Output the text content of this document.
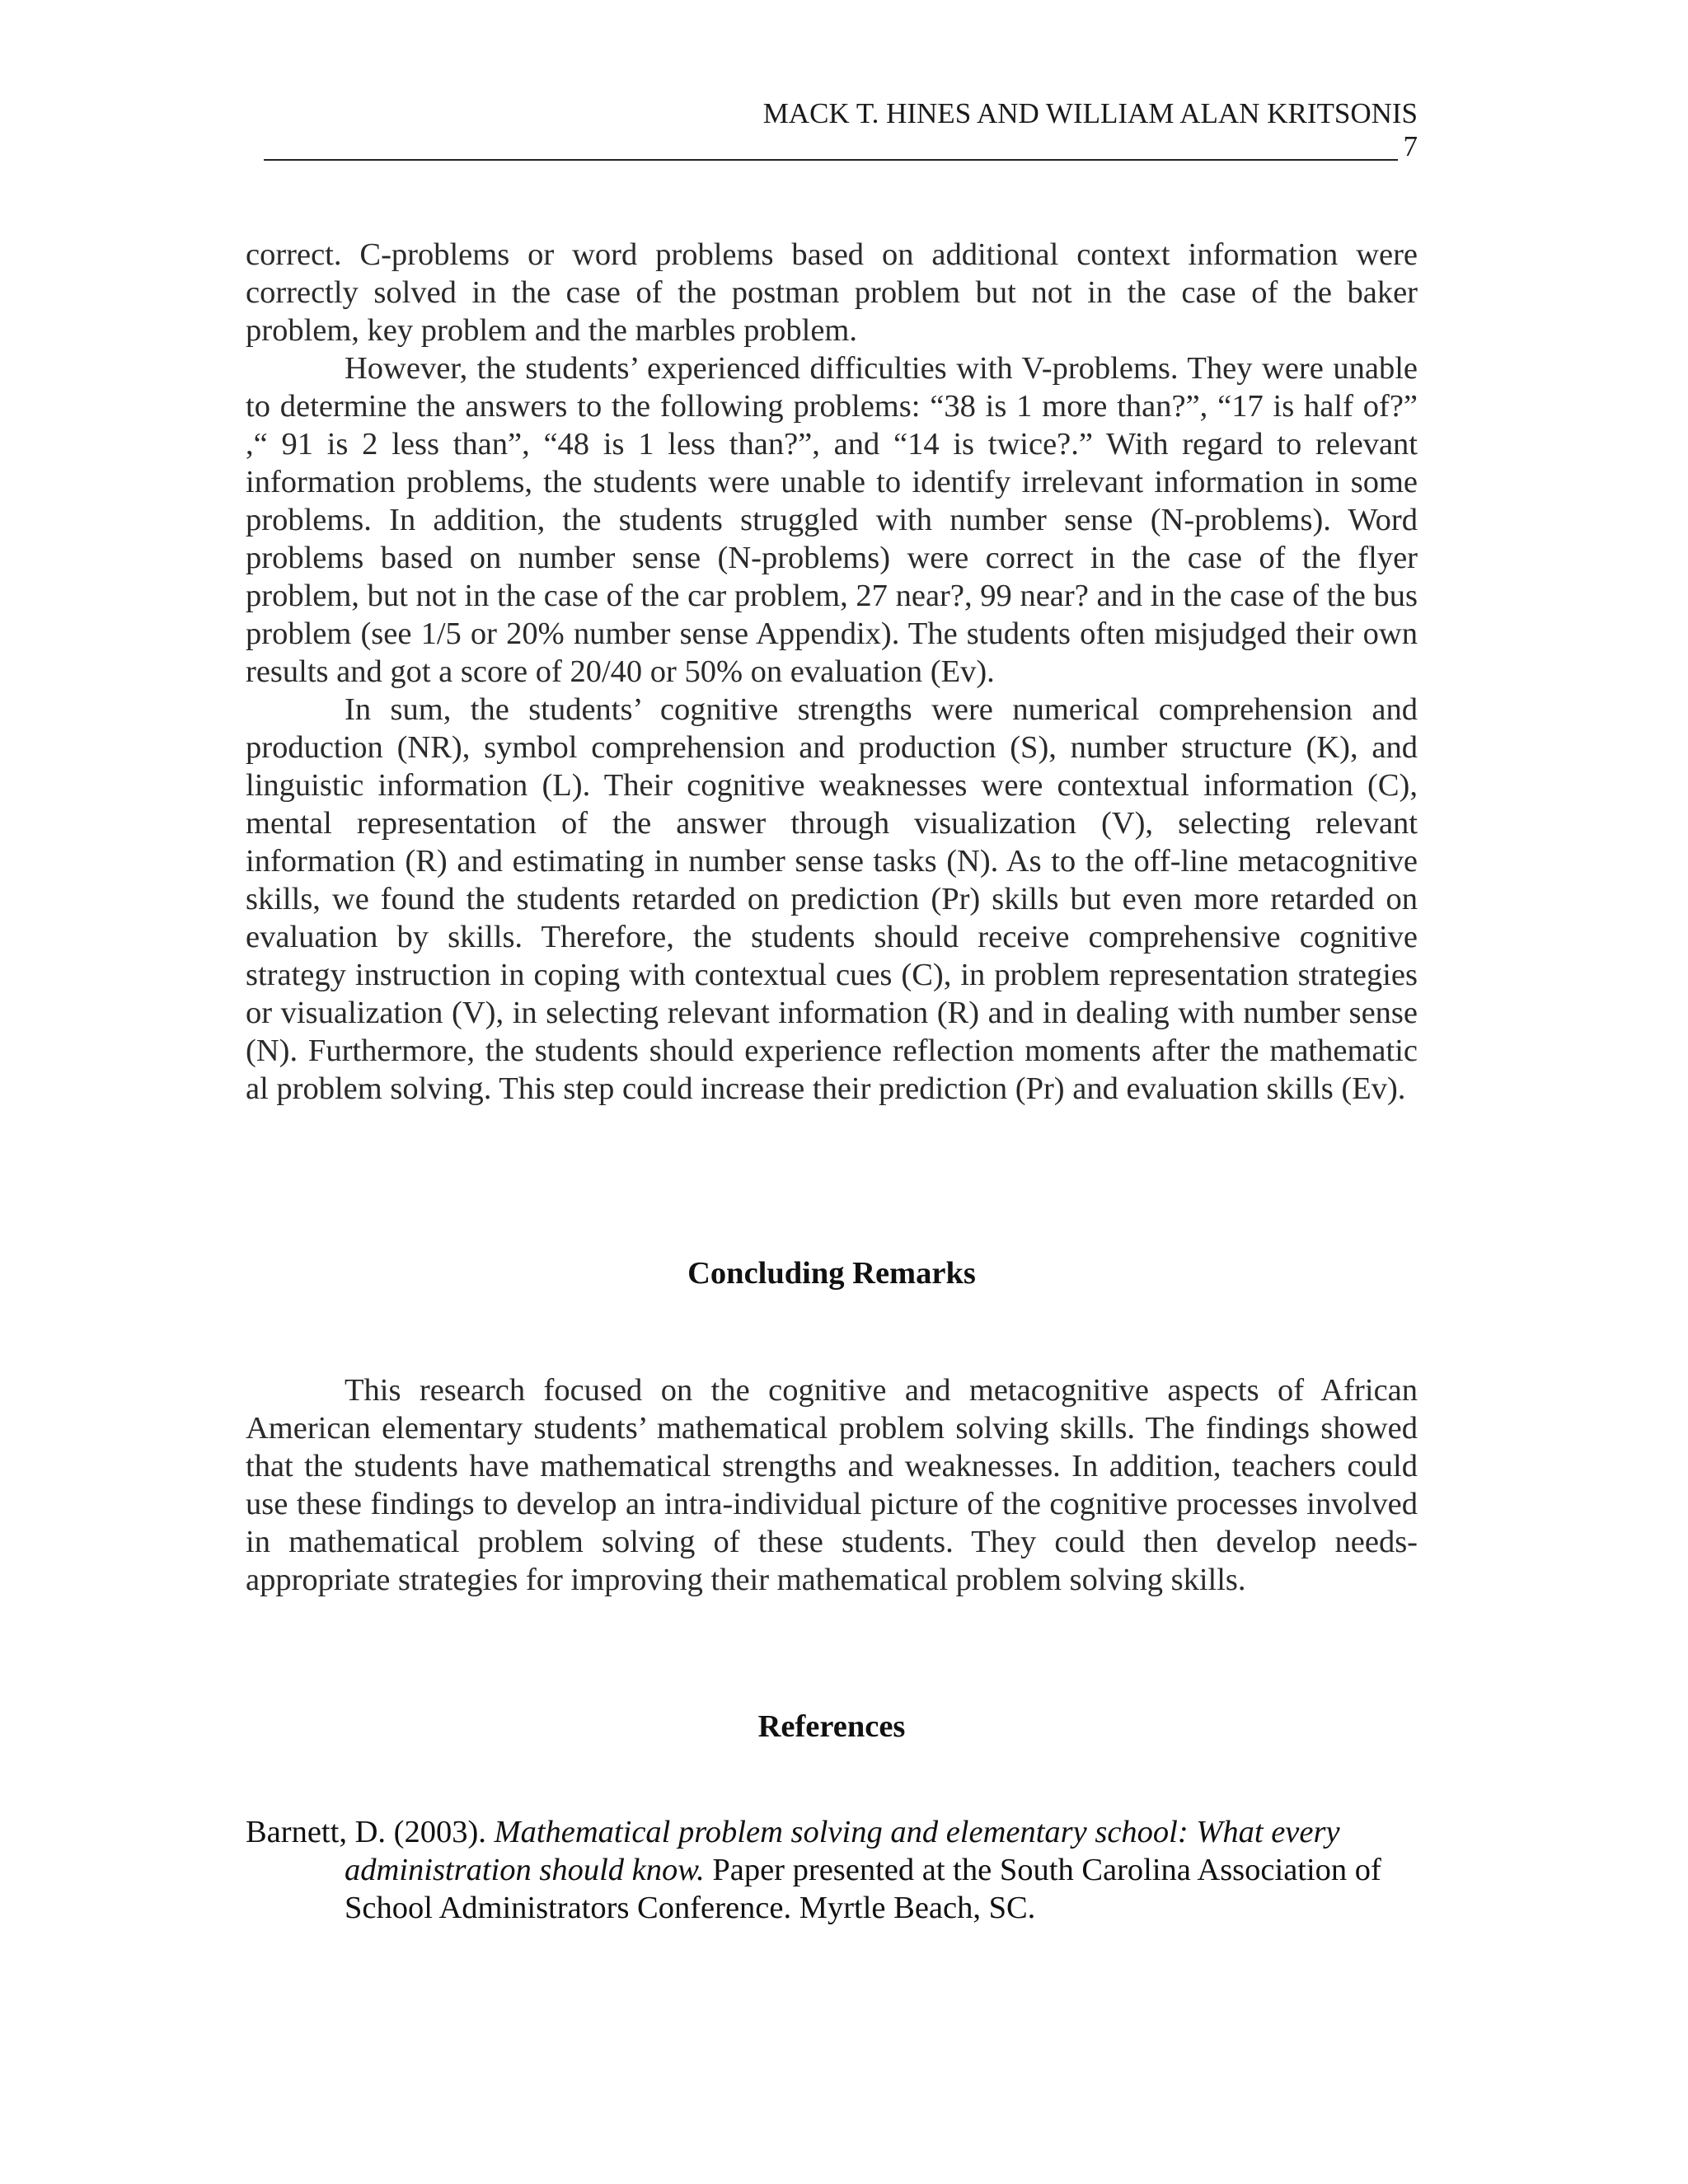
MACK T. HINES AND WILLIAM ALAN KRITSONIS
7

correct. C-problems or word problems based on additional context information were correctly solved in the case of the postman problem but not in the case of the baker problem, key problem and the marbles problem.

However, the students’ experienced difficulties with V-problems. They were unable to determine the answers to the following problems: “38 is 1 more than?”, “17 is half of?” ,“ 91 is 2 less than”, “48 is 1 less than?”, and “14 is twice?.” With regard to relevant information problems, the students were unable to identify irrelevant information in some problems. In addition, the students struggled with number sense (N-problems). Word problems based on number sense (N-problems) were correct in the case of the flyer problem, but not in the case of the car problem, 27 near?, 99 near? and in the case of the bus problem (see 1/5 or 20% number sense Appendix). The students often misjudged their own results and got a score of 20/40 or 50% on evaluation (Ev).

In sum, the students’ cognitive strengths were numerical comprehension and production (NR), symbol comprehension and production (S), number structure (K), and linguistic information (L). Their cognitive weaknesses were contextual information (C), mental representation of the answer through visualization (V), selecting relevant information (R) and estimating in number sense tasks (N). As to the off-line metacognitive skills, we found the students retarded on prediction (Pr) skills but even more retarded on evaluation by skills. Therefore, the students should receive comprehensive cognitive strategy instruction in coping with contextual cues (C), in problem representation strategies or visualization (V), in selecting relevant information (R) and in dealing with number sense (N). Furthermore, the students should experience reflection moments after the mathematic al problem solving. This step could increase their prediction (Pr) and evaluation skills (Ev).

Concluding Remarks

This research focused on the cognitive and metacognitive aspects of African American elementary students’ mathematical problem solving skills. The findings showed that the students have mathematical strengths and weaknesses. In addition, teachers could use these findings to develop an intra-individual picture of the cognitive processes involved in mathematical problem solving of these students. They could then develop needs-appropriate strategies for improving their mathematical problem solving skills.

References
Barnett, D. (2003). Mathematical problem solving and elementary school: What every administration should know. Paper presented at the South Carolina Association of School Administrators Conference. Myrtle Beach, SC.
